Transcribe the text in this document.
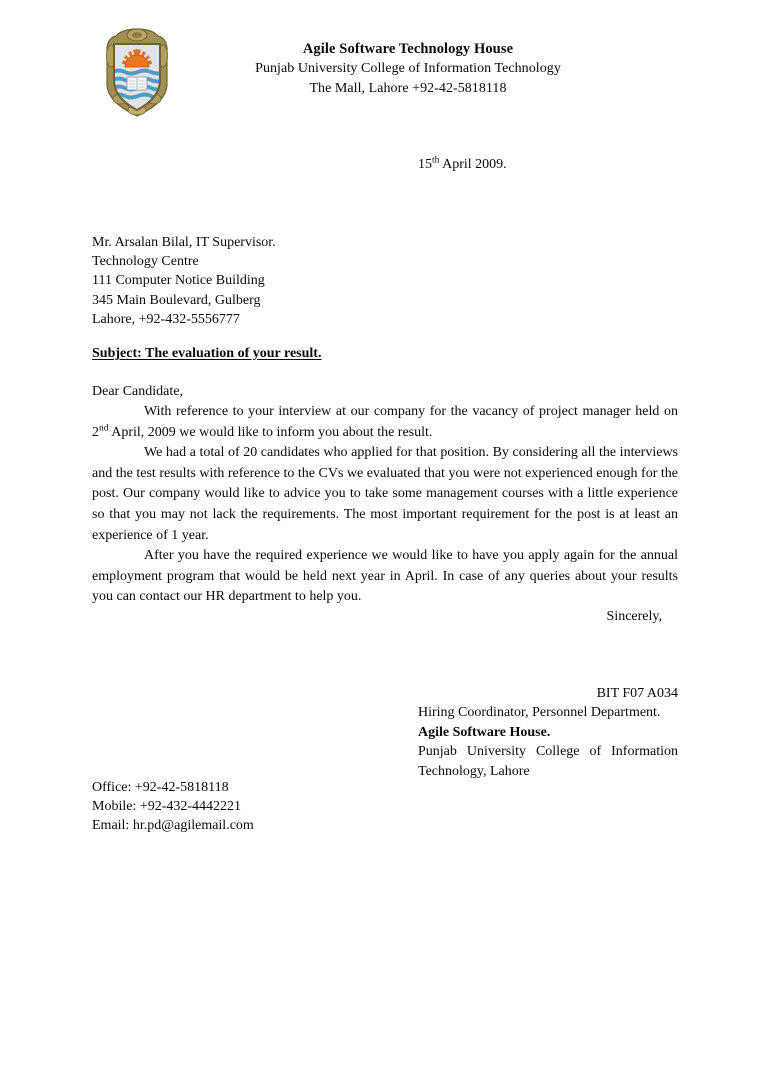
Agile Software Technology House
Punjab University College of Information Technology
The Mall, Lahore +92-42-5818118
15th April 2009.
Mr. Arsalan Bilal, IT Supervisor.
Technology Centre
111 Computer Notice Building
345 Main Boulevard, Gulberg
Lahore, +92-432-5556777
Subject: The evaluation of your result.
Dear Candidate,

With reference to your interview at our company for the vacancy of project manager held on 2nd April, 2009 we would like to inform you about the result.

We had a total of 20 candidates who applied for that position. By considering all the interviews and the test results with reference to the CVs we evaluated that you were not experienced enough for the post. Our company would like to advice you to take some management courses with a little experience so that you may not lack the requirements. The most important requirement for the post is at least an experience of 1 year.

After you have the required experience we would like to have you apply again for the annual employment program that would be held next year in April. In case of any queries about your results you can contact our HR department to help you.

Sincerely,
BIT F07 A034
Hiring Coordinator, Personnel Department.
Agile Software House.
Punjab University College of Information Technology, Lahore
Office: +92-42-5818118
Mobile: +92-432-4442221
Email: hr.pd@agilemail.com
